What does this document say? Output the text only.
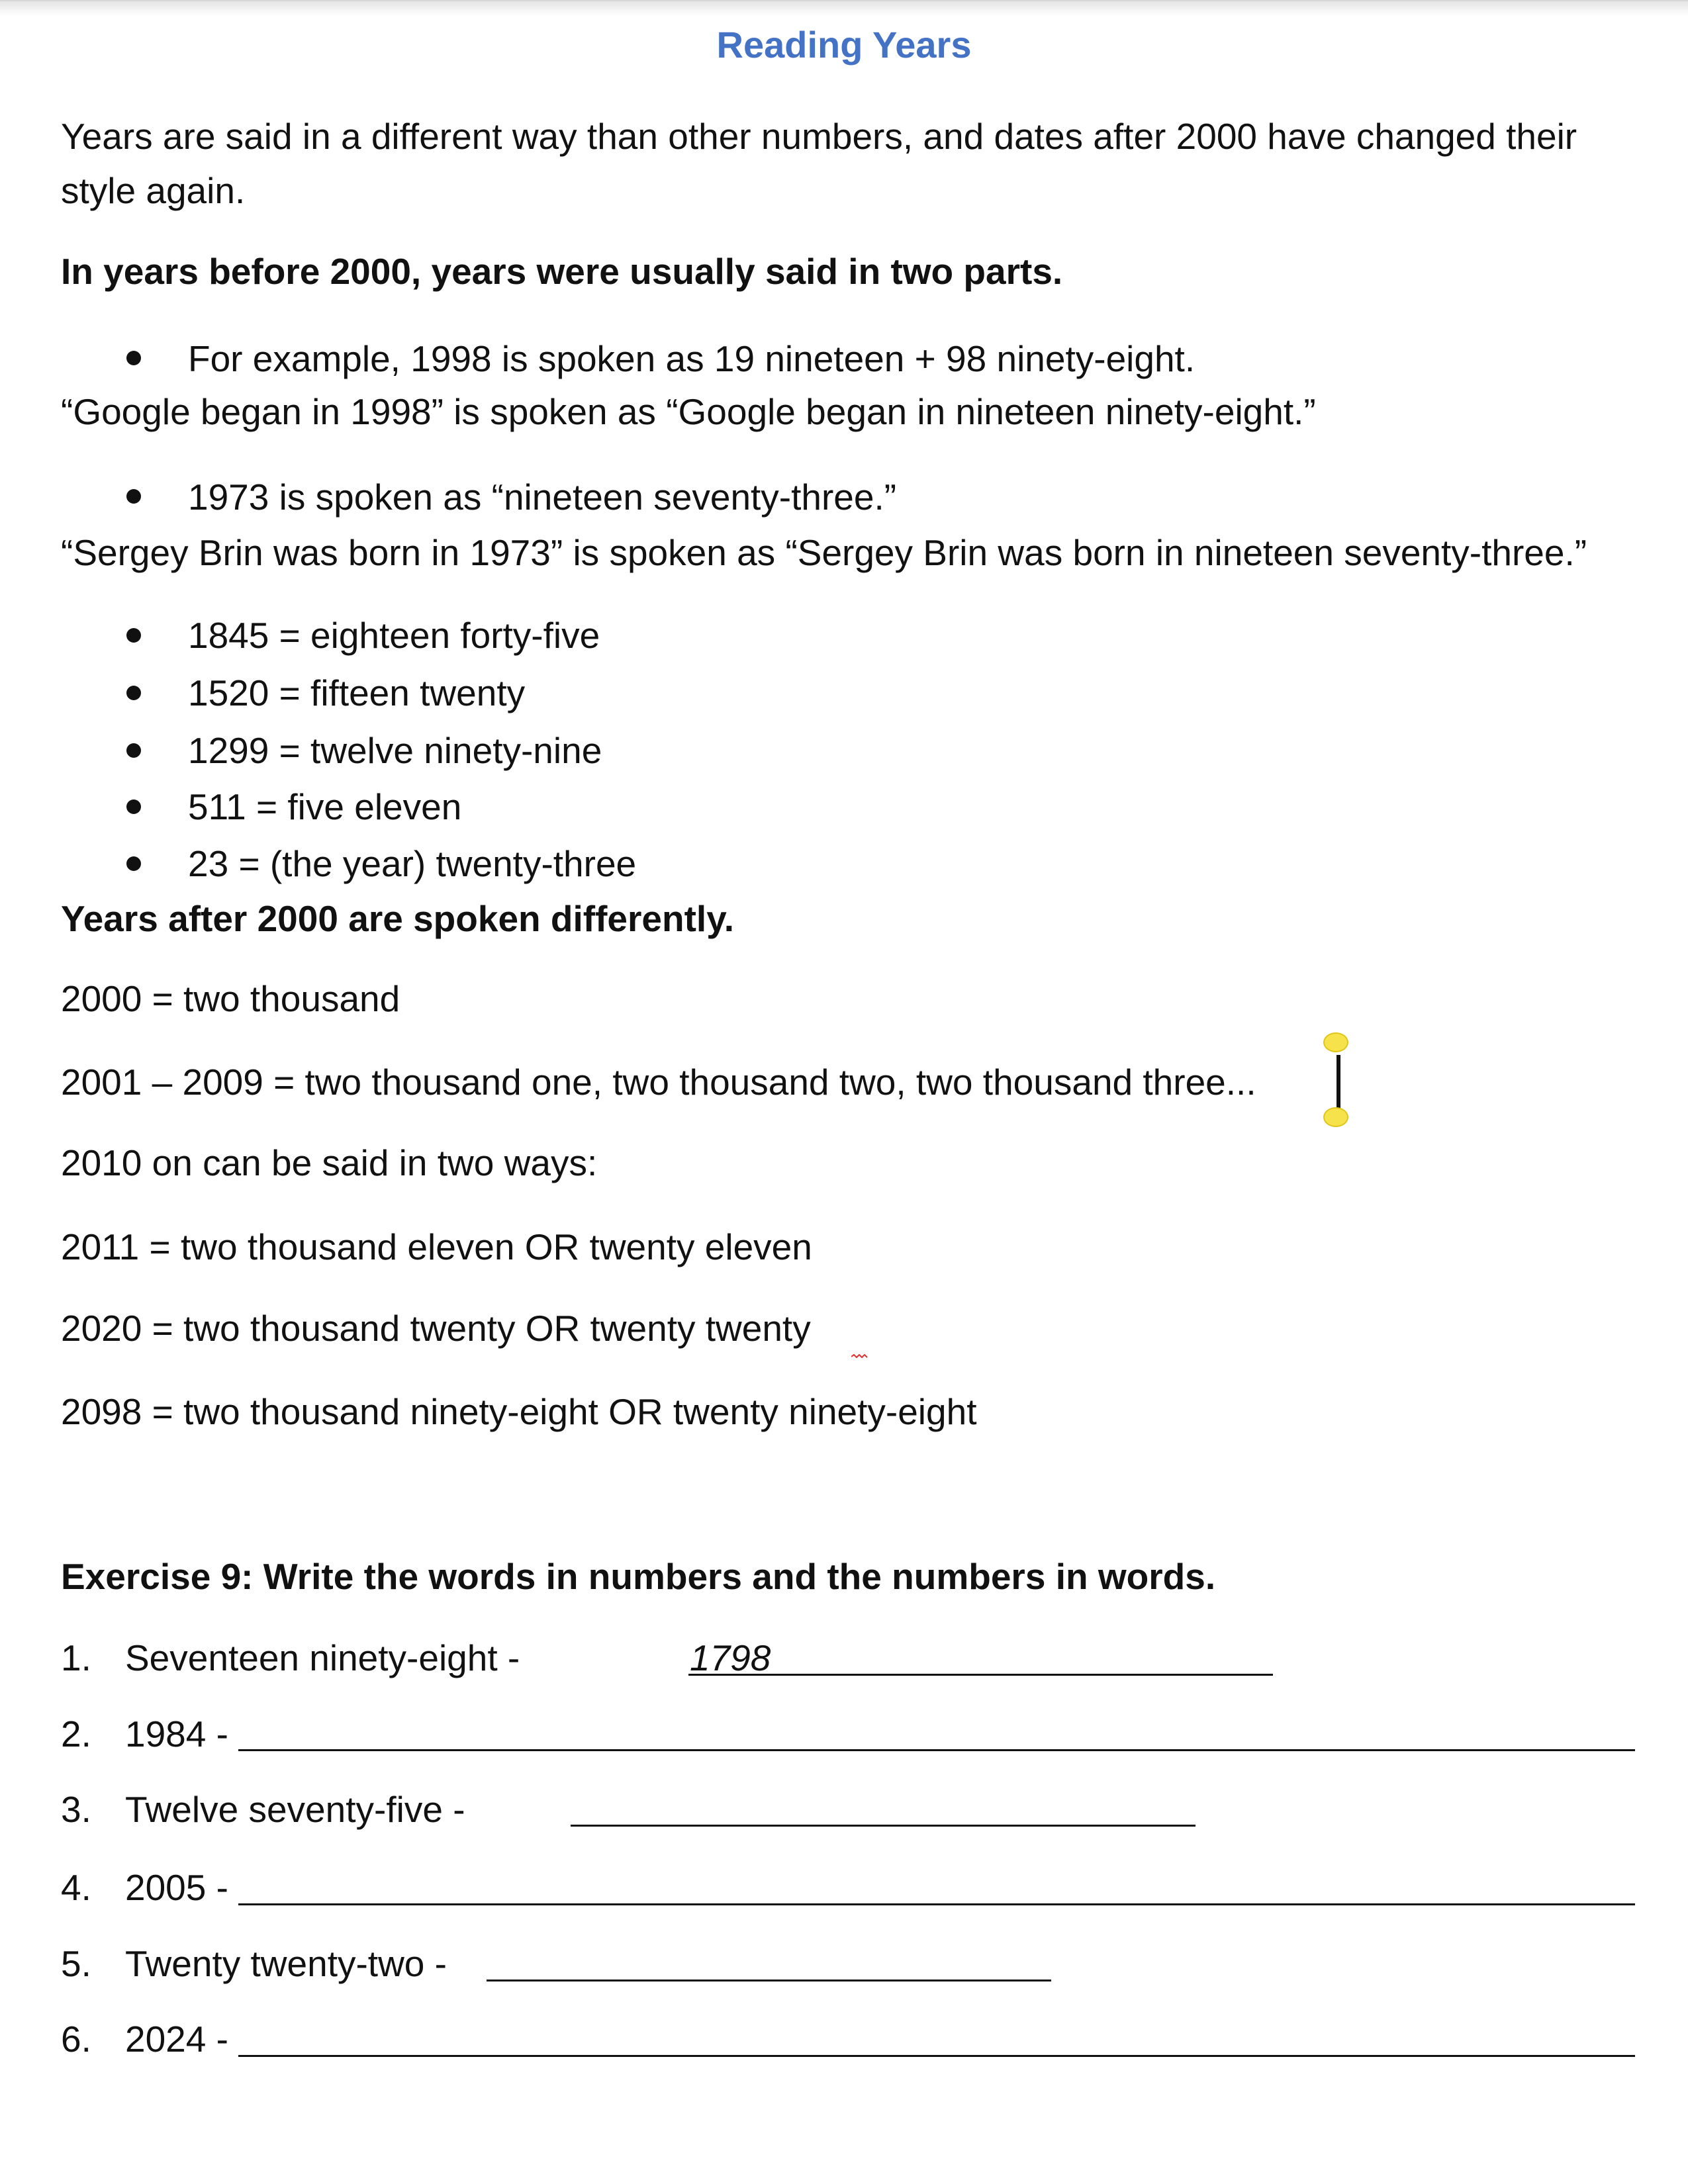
Reading Years
Years are said in a different way than other numbers, and dates after 2000 have changed their
style again.
In years before 2000, years were usually said in two parts.
For example, 1998 is spoken as 19 nineteen + 98 ninety-eight.
“Google began in 1998” is spoken as “Google began in nineteen ninety-eight.”
1973 is spoken as “nineteen seventy-three.”
“Sergey Brin was born in 1973” is spoken as “Sergey Brin was born in nineteen seventy-three.”
1845 = eighteen forty-five
1520 = fifteen twenty
1299 = twelve ninety-nine
511 = five eleven
23 = (the year) twenty-three
Years after 2000 are spoken differently.
2000 = two thousand
2001 – 2009 = two thousand one, two thousand two, two thousand three...
2010 on can be said in two ways:
2011 = two thousand eleven OR twenty eleven
2020 = two thousand twenty OR twenty twenty
2098 = two thousand ninety-eight OR twenty ninety-eight
Exercise 9: Write the words in numbers and the numbers in words.
1. Seventeen ninety-eight -	1798
2. 1984 -
3. Twelve seventy-five -
4. 2005 -
5. Twenty twenty-two -
6. 2024 -
